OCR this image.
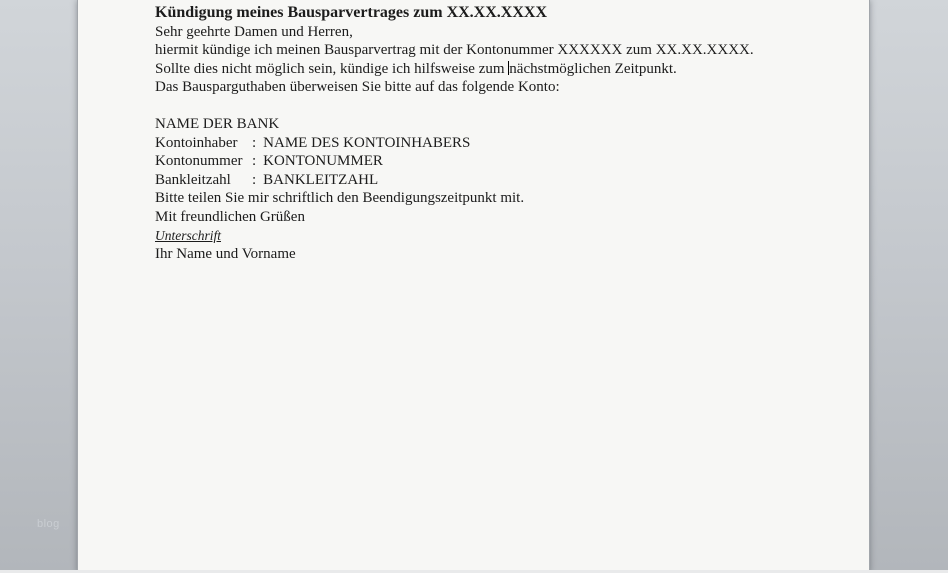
blog

Kündigung meines Bausparvertrages zum XX.XX.XXXX

Sehr geehrte Damen und Herren,

hiermit kündige ich meinen Bausparvertrag mit der Kontonummer XXXXXX zum XX.XX.XXXX.
Sollte dies nicht möglich sein, kündige ich hilfsweise zum nächstmöglichen Zeitpunkt.

Das Bausparguthaben überweisen Sie bitte auf das folgende Konto:

NAME DER BANK
Kontoinhaber : NAME DES KONTOINHABERS
Kontonummer : KONTONUMMER
Bankleitzahl	: BANKLEITZAHL

Bitte teilen Sie mir schriftlich den Beendigungszeitpunkt mit.

Mit freundlichen Grüßen

Unterschrift

Ihr Name und Vorname
